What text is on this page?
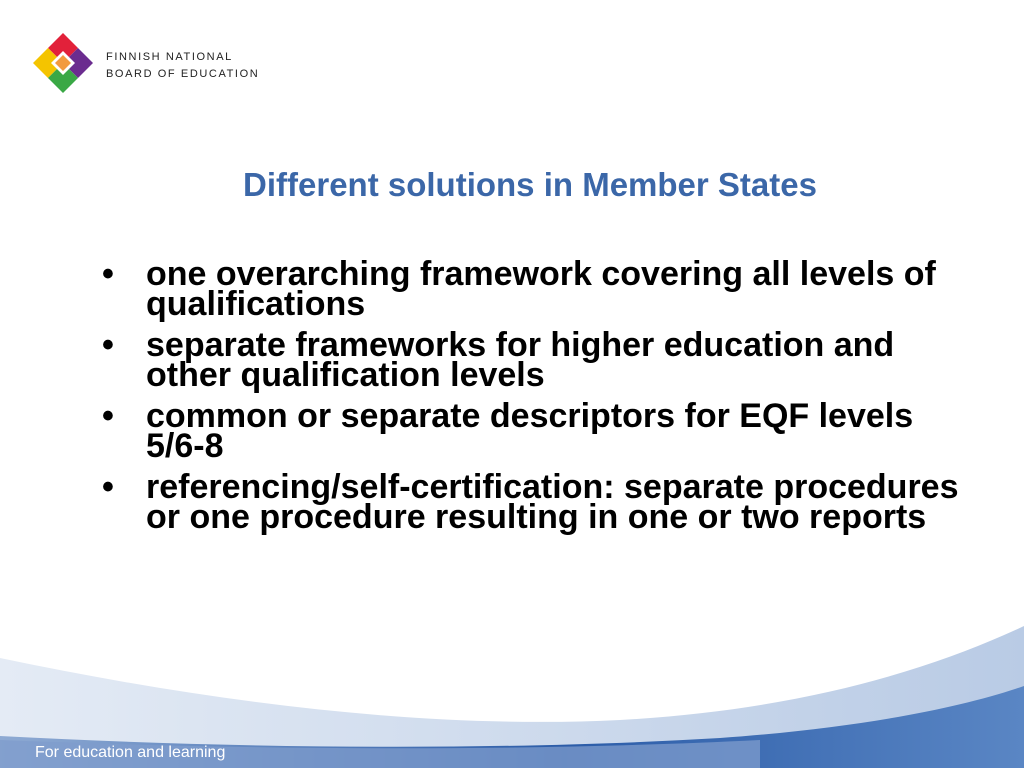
FINNISH NATIONAL
BOARD OF EDUCATION
Different solutions in Member States
• one overarching framework covering all levels of qualifications
• separate frameworks for higher education and other qualification levels
• common or separate descriptors for EQF levels 5/6-8
• referencing/self-certification: separate procedures or one procedure resulting in one or two reports
For education and learning
